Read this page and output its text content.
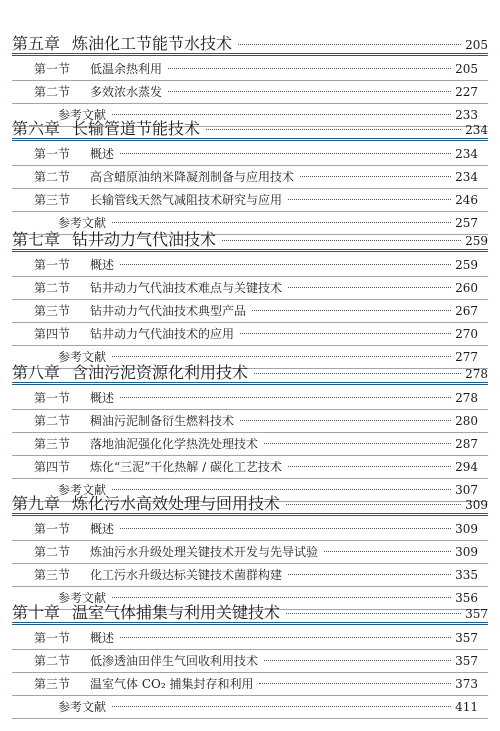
第五章 炼油化工节能节水技术	205
第一节	低温余热利用	205
第二节	多效浓水蒸发	227
参考文献	233
第六章 长输管道节能技术	234
第一节	概述	234
第二节	高含蜡原油纳米降凝剂制备与应用技术	234
第三节	长输管线天然气减阻技术研究与应用	246
参考文献	257
第七章 钻井动力气代油技术	259
第一节	概述	259
第二节	钻井动力气代油技术难点与关键技术	260
第三节	钻井动力气代油技术典型产品	267
第四节	钻井动力气代油技术的应用	270
参考文献	277
第八章 含油污泥资源化利用技术	278
第一节	概述	278
第二节	稠油污泥制备衍生燃料技术	280
第三节	落地油泥强化化学热洗处理技术	287
第四节	炼化“三泥”干化热解 / 碳化工艺技术	294
参考文献	307
第九章 炼化污水高效处理与回用技术	309
第一节	概述	309
第二节	炼油污水升级处理关键技术开发与先导试验	309
第三节	化工污水升级达标关键技术菌群构建	335
参考文献	356
第十章 温室气体捕集与利用关键技术	357
第一节	概述	357
第二节	低渗透油田伴生气回收利用技术	357
第三节	温室气体 CO₂ 捕集封存和利用	373
参考文献	411
